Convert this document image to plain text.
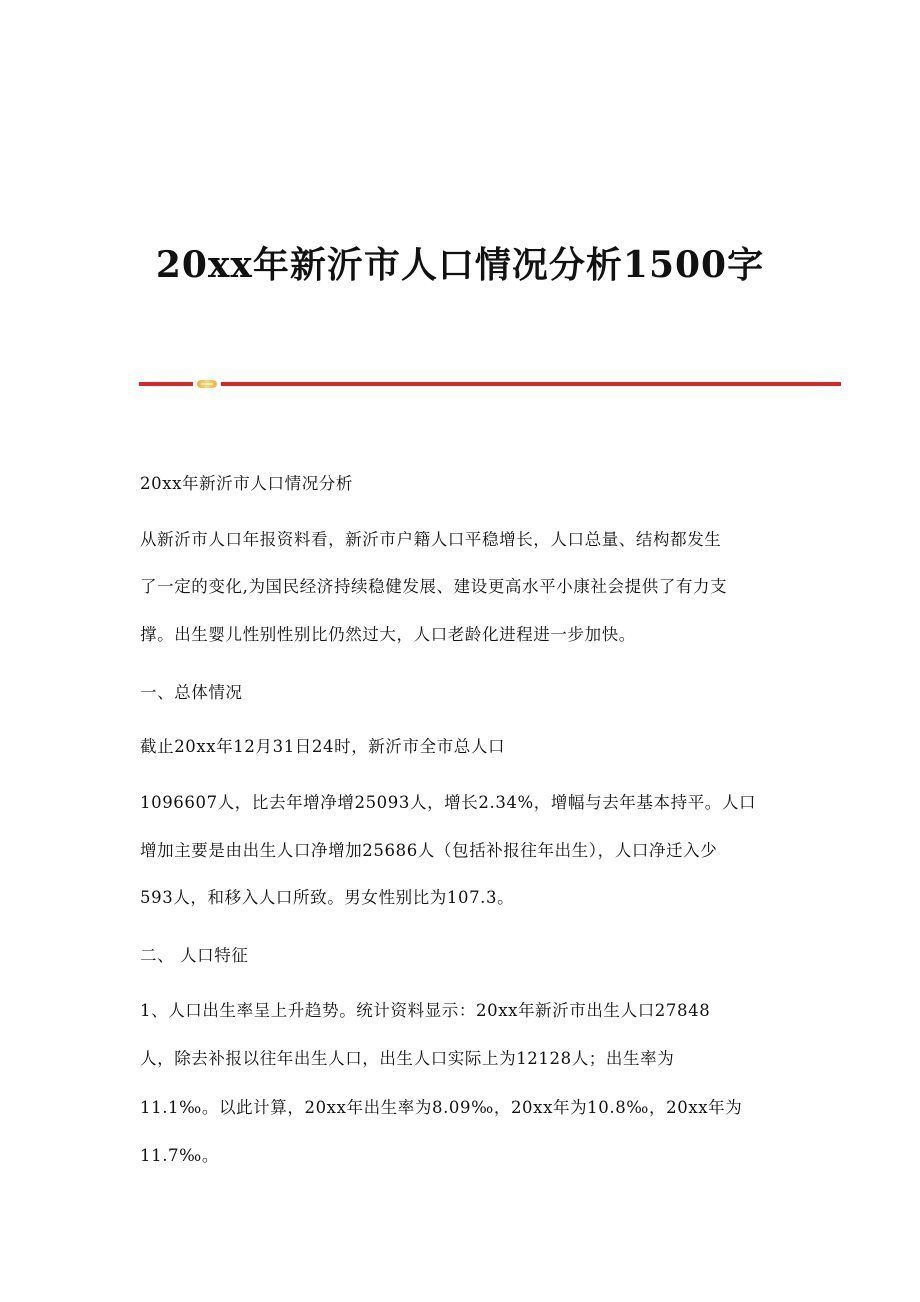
20xx年新沂市人口情况分析1500字

20xx年新沂市人口情况分析

从新沂市人口年报资料看，新沂市户籍人口平稳增长，人口总量、结构都发生

了一定的变化,为国民经济持续稳健发展、建设更高水平小康社会提供了有力支

撑。出生婴儿性别性别比仍然过大，人口老龄化进程进一步加快。

一、总体情况

截止20xx年12月31日24时，新沂市全市总人口

1096607人，比去年增净增25093人，增长2.34%，增幅与去年基本持平。人口

增加主要是由出生人口净增加25686人（包括补报往年出生），人口净迁入少

593人，和移入人口所致。男女性别比为107.3。

二、 人口特征

1、人口出生率呈上升趋势。统计资料显示：20xx年新沂市出生人口27848

人，除去补报以往年出生人口，出生人口实际上为12128人；出生率为

11.1‰。以此计算，20xx年出生率为8.09‰，20xx年为10.8‰，20xx年为

11.7‰。
